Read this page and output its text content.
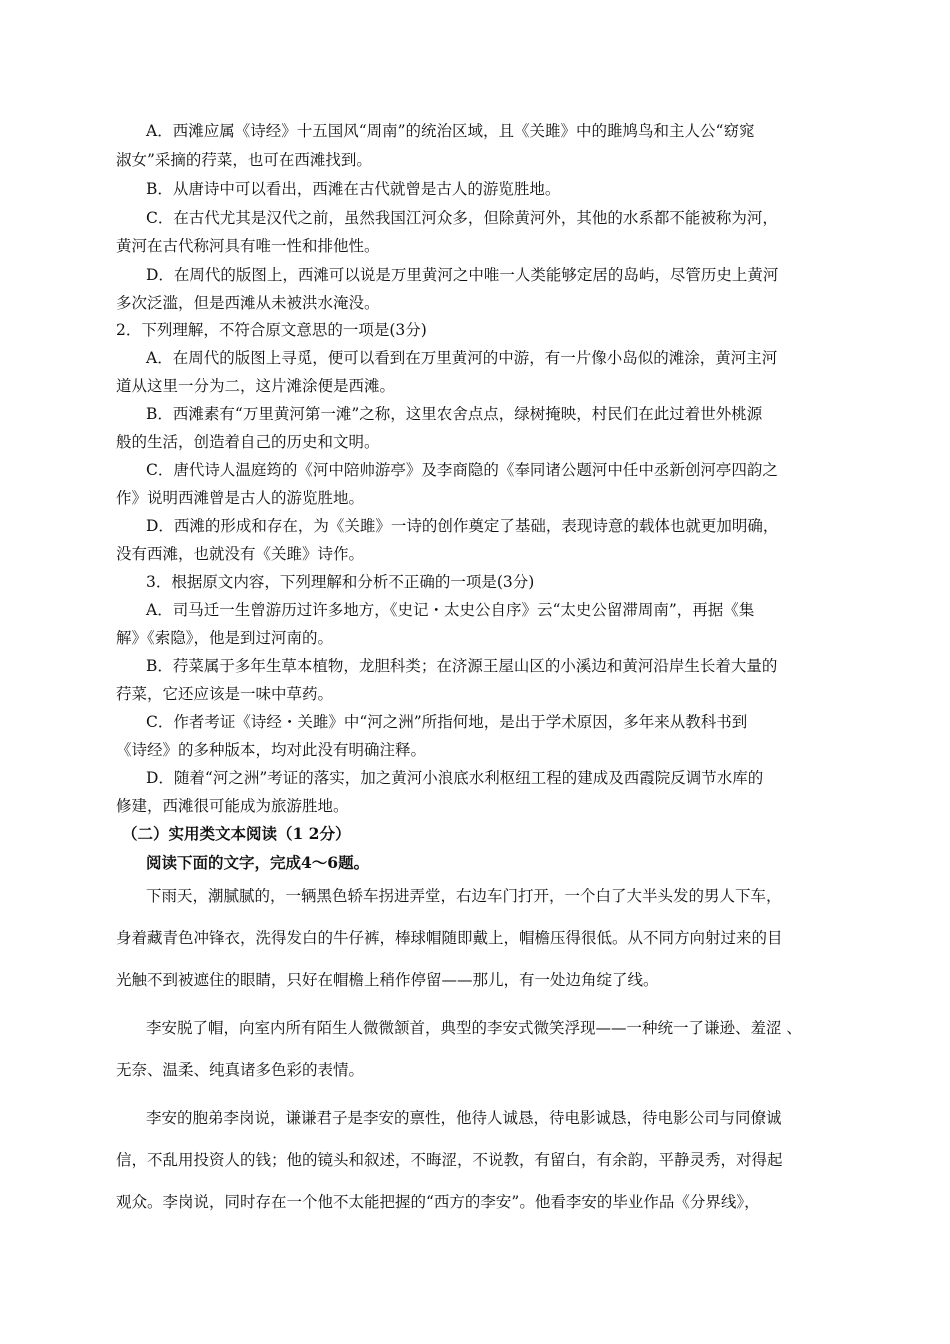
A．西滩应属《诗经》十五国风“周南”的统治区域，且《关雎》中的雎鸠鸟和主人公“窈窕
淑女”采摘的荇菜，也可在西滩找到。
B．从唐诗中可以看出，西滩在古代就曾是古人的游览胜地。
C．在古代尤其是汉代之前，虽然我国江河众多，但除黄河外，其他的水系都不能被称为河，
黄河在古代称河具有唯一性和排他性。
D．在周代的版图上，西滩可以说是万里黄河之中唯一人类能够定居的岛屿，尽管历史上黄河
多次泛滥，但是西滩从未被洪水淹没。
2．下列理解，不符合原文意思的一项是(3分)
A．在周代的版图上寻觅，便可以看到在万里黄河的中游，有一片像小岛似的滩涂，黄河主河
道从这里一分为二，这片滩涂便是西滩。
B．西滩素有“万里黄河第一滩”之称，这里农舍点点，绿树掩映，村民们在此过着世外桃源
般的生活，创造着自己的历史和文明。
C．唐代诗人温庭筠的《河中陪帅游亭》及李商隐的《奉同诸公题河中任中丞新创河亭四韵之
作》说明西滩曾是古人的游览胜地。
D．西滩的形成和存在，为《关雎》一诗的创作奠定了基础，表现诗意的载体也就更加明确，
没有西滩，也就没有《关雎》诗作。
3．根据原文内容，下列理解和分析不正确的一项是(3分)
A．司马迁一生曾游历过许多地方，《史记・太史公自序》云“太史公留滞周南”，再据《集
解》《索隐》，他是到过河南的。
B．荇菜属于多年生草本植物，龙胆科类；在济源王屋山区的小溪边和黄河沿岸生长着大量的
荇菜，它还应该是一味中草药。
C．作者考证《诗经・关雎》中“河之洲”所指何地，是出于学术原因，多年来从教科书到
《诗经》的多种版本，均对此没有明确注释。
D．随着“河之洲”考证的落实，加之黄河小浪底水利枢纽工程的建成及西霞院反调节水库的
修建，西滩很可能成为旅游胜地。
（二）实用类文本阅读（1 2分）
阅读下面的文字，完成4～6题。
下雨天，潮腻腻的，一辆黑色轿车拐进弄堂，右边车门打开，一个白了大半头发的男人下车，
身着藏青色冲锋衣，洗得发白的牛仔裤，棒球帽随即戴上，帽檐压得很低。从不同方向射过来的目
光触不到被遮住的眼睛，只好在帽檐上稍作停留——那儿，有一处边角绽了线。
李安脱了帽，向室内所有陌生人微微颔首，典型的李安式微笑浮现——一种统一了谦逊、羞涩 、
无奈、温柔、纯真诸多色彩的表情。
李安的胞弟李岗说，谦谦君子是李安的禀性，他待人诚恳，待电影诚恳，待电影公司与同僚诚
信，不乱用投资人的钱；他的镜头和叙述，不晦涩，不说教，有留白，有余韵，平静灵秀，对得起
观众。李岗说，同时存在一个他不太能把握的“西方的李安”。他看李安的毕业作品《分界线》，
